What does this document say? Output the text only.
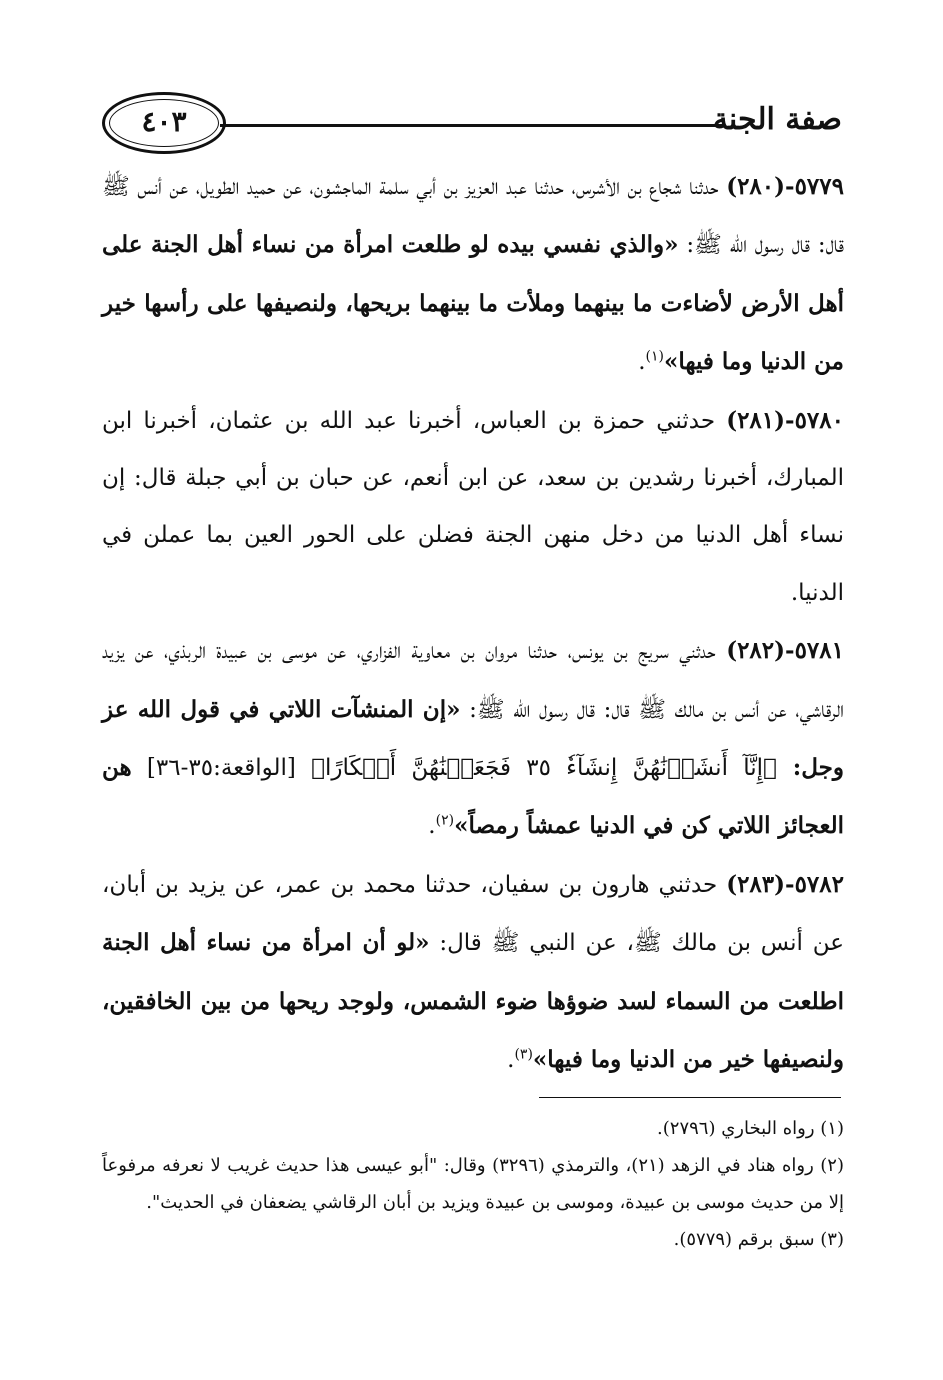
صفة الجنة
٤٠٣

٥٧٧٩-(٢٨٠) حدثنا شجاع بن الأشرس، حدثنا عبد العزيز بن أبي سلمة الماجشون، عن حميد الطويل، عن أنس ﷺ قال: قال رسول الله ﷺ: «والذي نفسي بيده لو طلعت امرأة من نساء أهل الجنة على أهل الأرض لأضاءت ما بينهما وملأت ما بينهما بريحها، ولنصيفها على رأسها خير من الدنيا وما فيها»$^{(١)}$.

٥٧٨٠-(٢٨١) حدثني حمزة بن العباس، أخبرنا عبد الله بن عثمان، أخبرنا ابن المبارك، أخبرنا رشدين بن سعد، عن ابن أنعم، عن حبان بن أبي جبلة قال: إن نساء أهل الدنيا من دخل منهن الجنة فضلن على الحور العين بما عملن في الدنيا.

٥٧٨١-(٢٨٢) حدثني سريج بن يونس، حدثنا مروان بن معاوية الفزاري، عن موسى بن عبيدة الربذي، عن يزيد الرقاشي، عن أنس بن مالك ﷺ قال: قال رسول الله ﷺ: «إن المنشآت اللاتي في قول الله عز وجل: ﴿إِنَّآ أَنشَأۡنَٰهُنَّ إِنشَآءٗ ٣٥ فَجَعَلۡنَٰهُنَّ أَبۡكَارًا﴾ [الواقعة:٣٥-٣٦] هن العجائز اللاتي كن في الدنيا عمشاً رمصاً»$^{(٢)}$.

٥٧٨٢-(٢٨٣) حدثني هارون بن سفيان، حدثنا محمد بن عمر، عن يزيد بن أبان، عن أنس بن مالك ﷺ، عن النبي ﷺ قال: «لو أن امرأة من نساء أهل الجنة اطلعت من السماء لسد ضوؤها ضوء الشمس، ولوجد ريحها من بين الخافقين، ولنصيفها خير من الدنيا وما فيها»$^{(٣)}$.

(١) رواه البخاري (٢٧٩٦).

(٢) رواه هناد في الزهد (٢١)، والترمذي (٣٢٩٦) وقال: "أبو عيسى هذا حديث غريب لا نعرفه مرفوعاً إلا من حديث موسى بن عبيدة، وموسى بن عبيدة ويزيد بن أبان الرقاشي يضعفان في الحديث".

(٣) سبق برقم (٥٧٧٩).
